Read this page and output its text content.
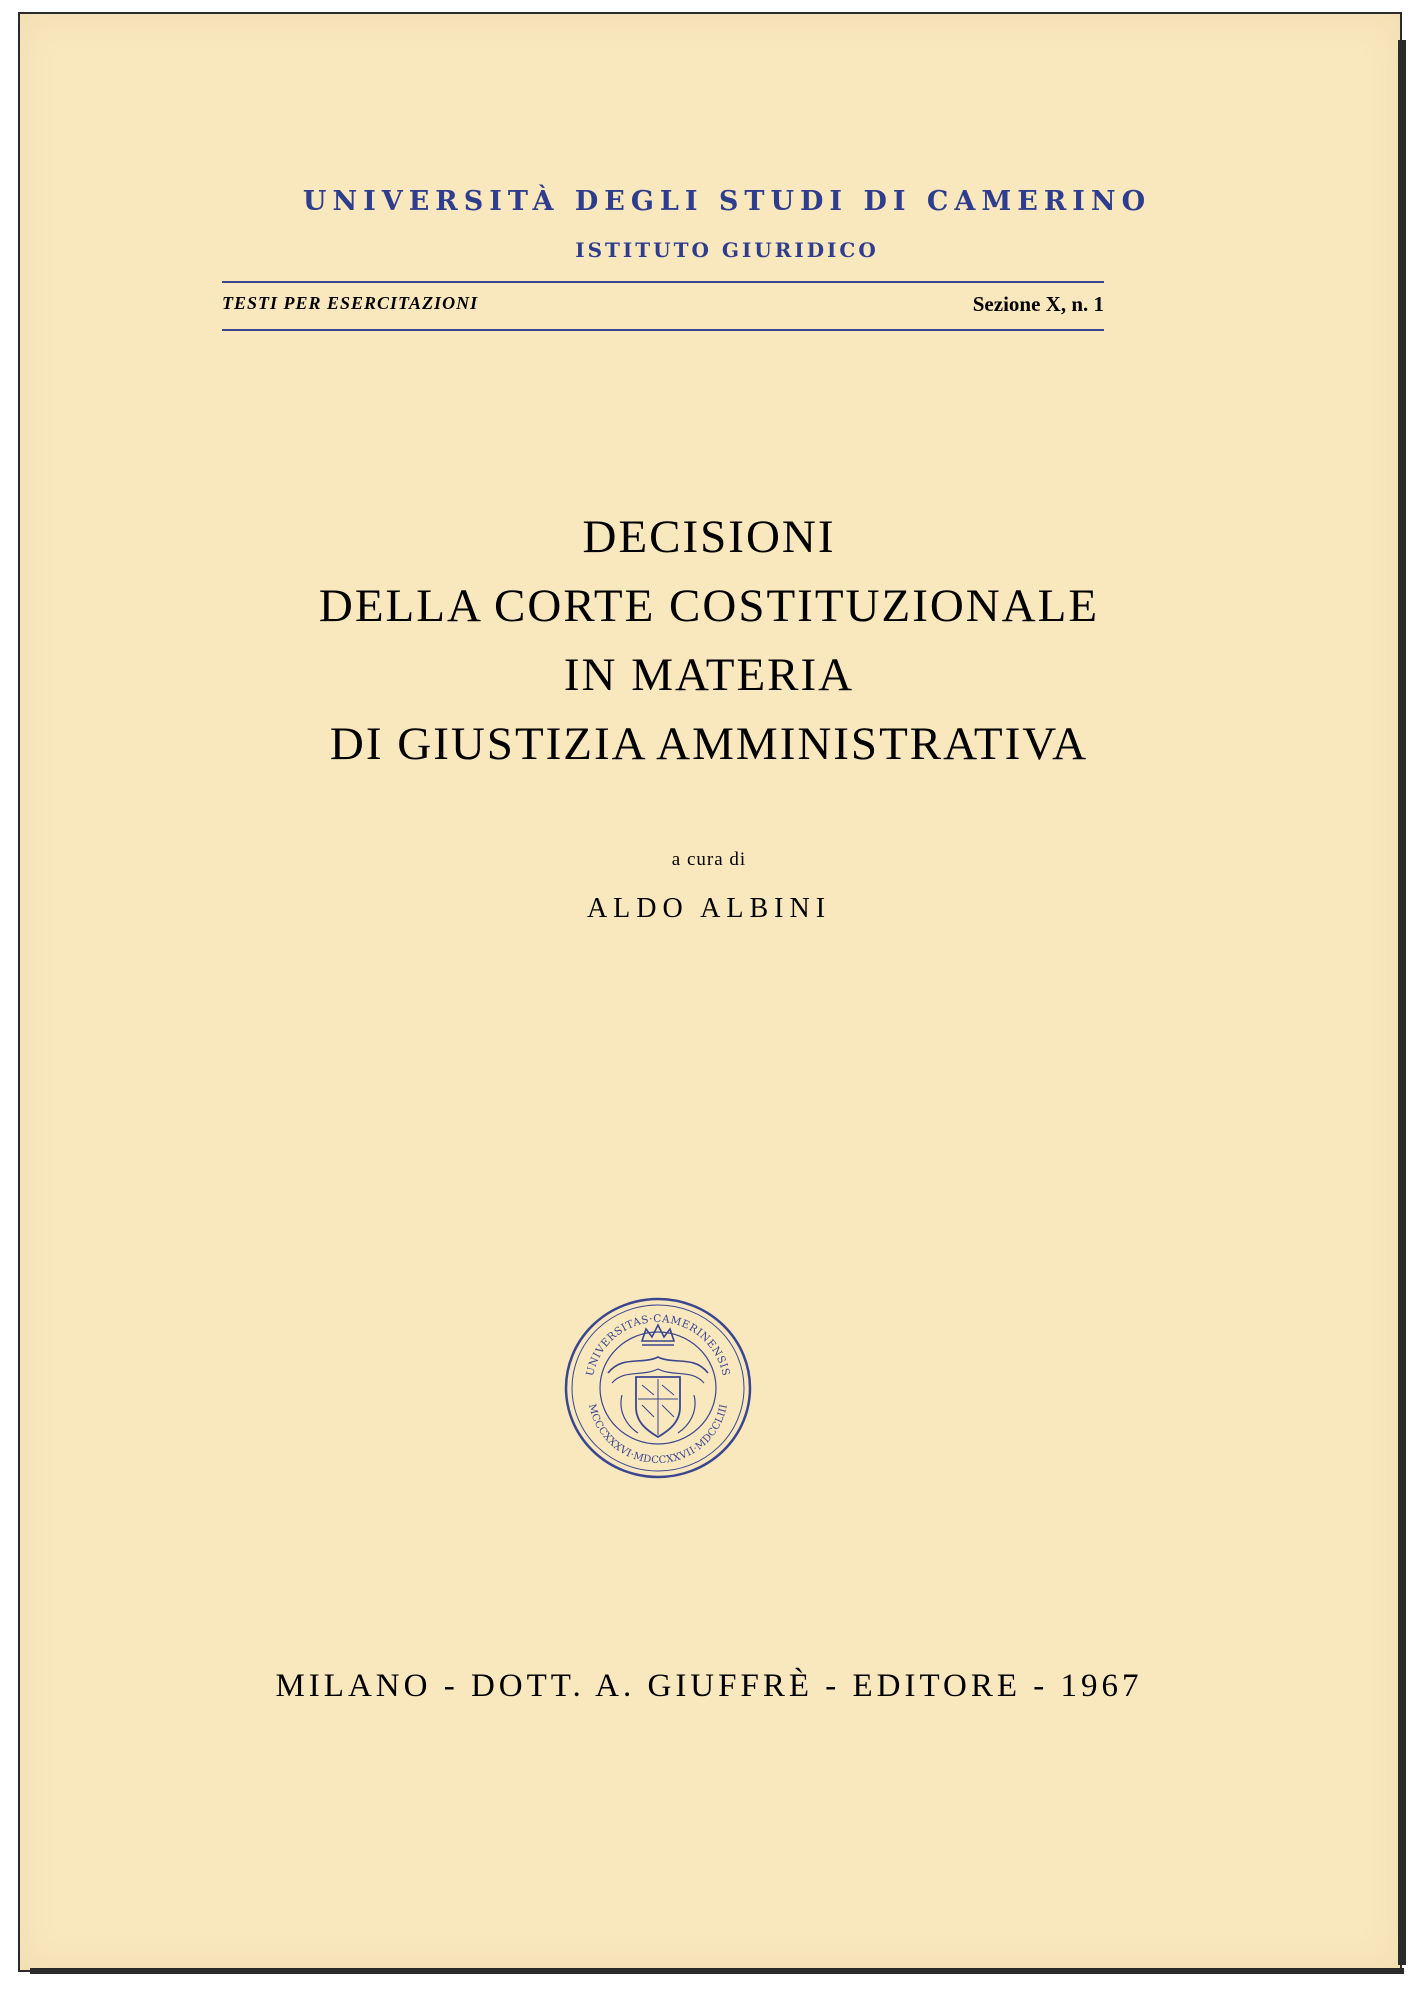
UNIVERSITÀ DEGLI STUDI DI CAMERINO
ISTITUTO GIURIDICO
TESTI PER ESERCITAZIONI	Sezione X, n. 1
DECISIONI
DELLA CORTE COSTITUZIONALE
IN MATERIA
DI GIUSTIZIA AMMINISTRATIVA
a cura di
ALDO ALBINI
UNIVERSITAS·CAMERINENSIS
MCCCXXXVI·MDCCXXVII·MDCCLIII
MILANO - DOTT. A. GIUFFRÈ - EDITORE - 1967
